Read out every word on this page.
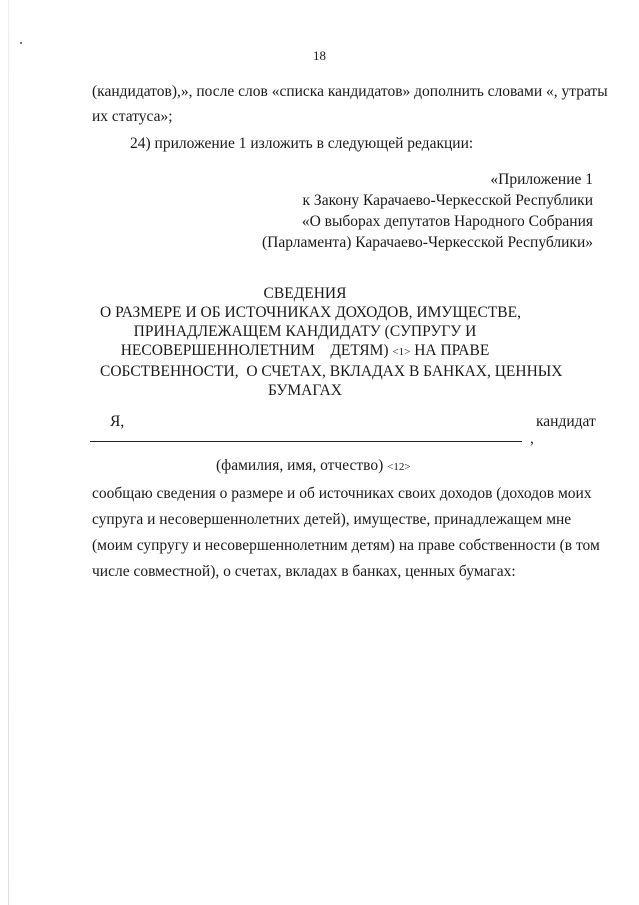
18
(кандидатов),», после слов «списка кандидатов» дополнить словами «, утраты
их статуса»;
24) приложение 1 изложить в следующей редакции:
«Приложение 1
к Закону Карачаево-Черкесской Республики
«О выборах депутатов Народного Собрания
(Парламента) Карачаево-Черкесской Республики»
СВЕДЕНИЯ
О РАЗМЕРЕ И ОБ ИСТОЧНИКАХ ДОХОДОВ, ИМУЩЕСТВЕ,
ПРИНАДЛЕЖАЩЕМ КАНДИДАТУ (СУПРУГУ И
НЕСОВЕРШЕННОЛЕТНИМ    ДЕТЯМ) <1> НА ПРАВЕ
СОБСТВЕННОСТИ,  О СЧЕТАХ, ВКЛАДАХ В БАНКАХ, ЦЕННЫХ
БУМАГАХ
Я,	кандидат
,
(фамилия, имя, отчество) <12>
сообщаю сведения о размере и об источниках своих доходов (доходов моих
супруга и несовершеннолетних детей), имуществе, принадлежащем мне
(моим супругу и несовершеннолетним детям) на праве собственности (в том
числе совместной), о счетах, вкладах в банках, ценных бумагах:
